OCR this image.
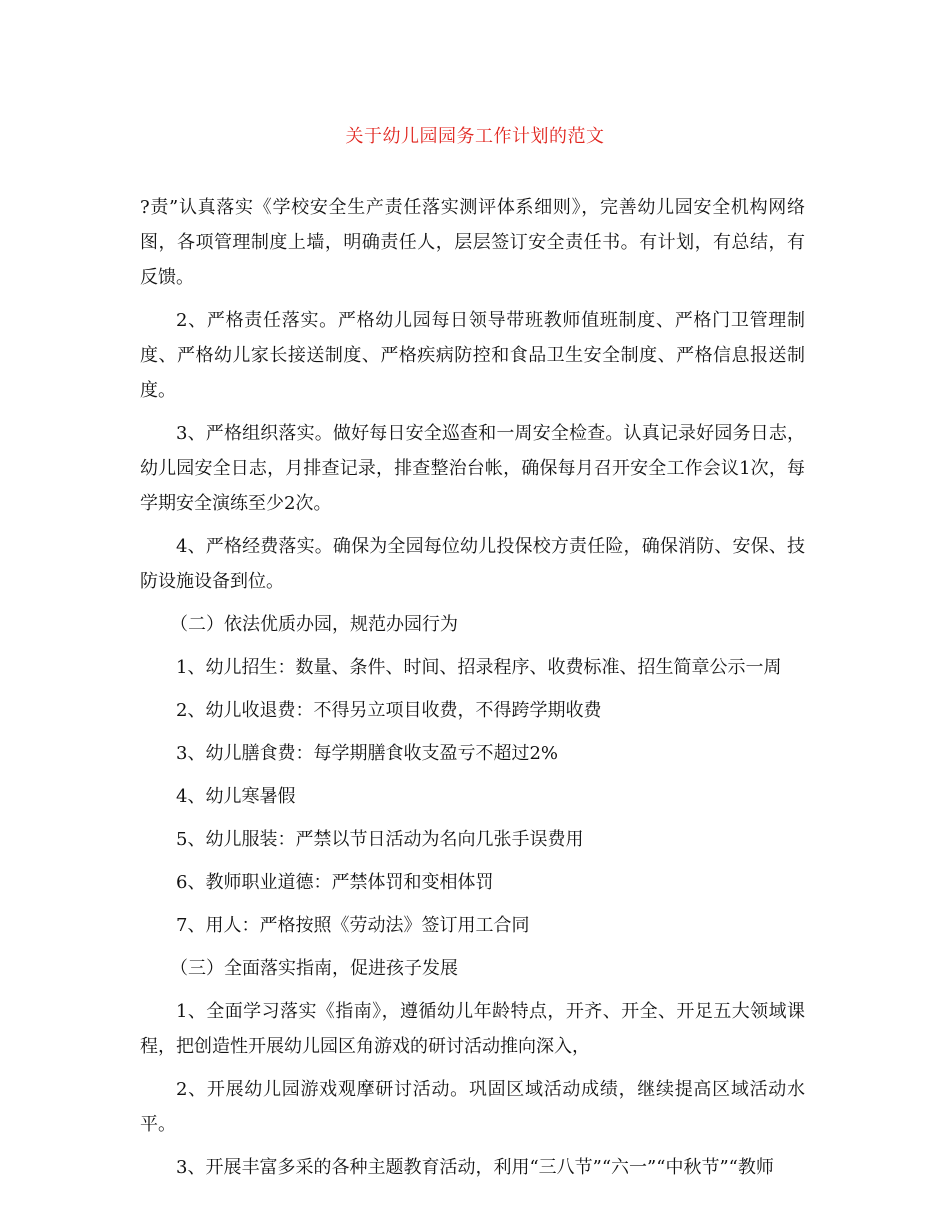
关于幼儿园园务工作计划的范文

?责”认真落实《学校安全生产责任落实测评体系细则》，完善幼儿园安全机构网络图，各项管理制度上墙，明确责任人，层层签订安全责任书。有计划，有总结，有反馈。

2、严格责任落实。严格幼儿园每日领导带班教师值班制度、严格门卫管理制度、严格幼儿家长接送制度、严格疾病防控和食品卫生安全制度、严格信息报送制度。

3、严格组织落实。做好每日安全巡查和一周安全检查。认真记录好园务日志，幼儿园安全日志，月排查记录，排查整治台帐，确保每月召开安全工作会议1次，每学期安全演练至少2次。

4、严格经费落实。确保为全园每位幼儿投保校方责任险，确保消防、安保、技防设施设备到位。

（二）依法优质办园，规范办园行为

1、幼儿招生：数量、条件、时间、招录程序、收费标准、招生简章公示一周

2、幼儿收退费：不得另立项目收费，不得跨学期收费

3、幼儿膳食费：每学期膳食收支盈亏不超过2%

4、幼儿寒暑假

5、幼儿服装：严禁以节日活动为名向几张手误费用

6、教师职业道德：严禁体罚和变相体罚

7、用人：严格按照《劳动法》签订用工合同

（三）全面落实指南，促进孩子发展

1、全面学习落实《指南》，遵循幼儿年龄特点，开齐、开全、开足五大领域课程，把创造性开展幼儿园区角游戏的研讨活动推向深入，

2、开展幼儿园游戏观摩研讨活动。巩固区域活动成绩，继续提高区域活动水平。

3、开展丰富多采的各种主题教育活动，利用“三八节”“六一”“中秋节”“教师
